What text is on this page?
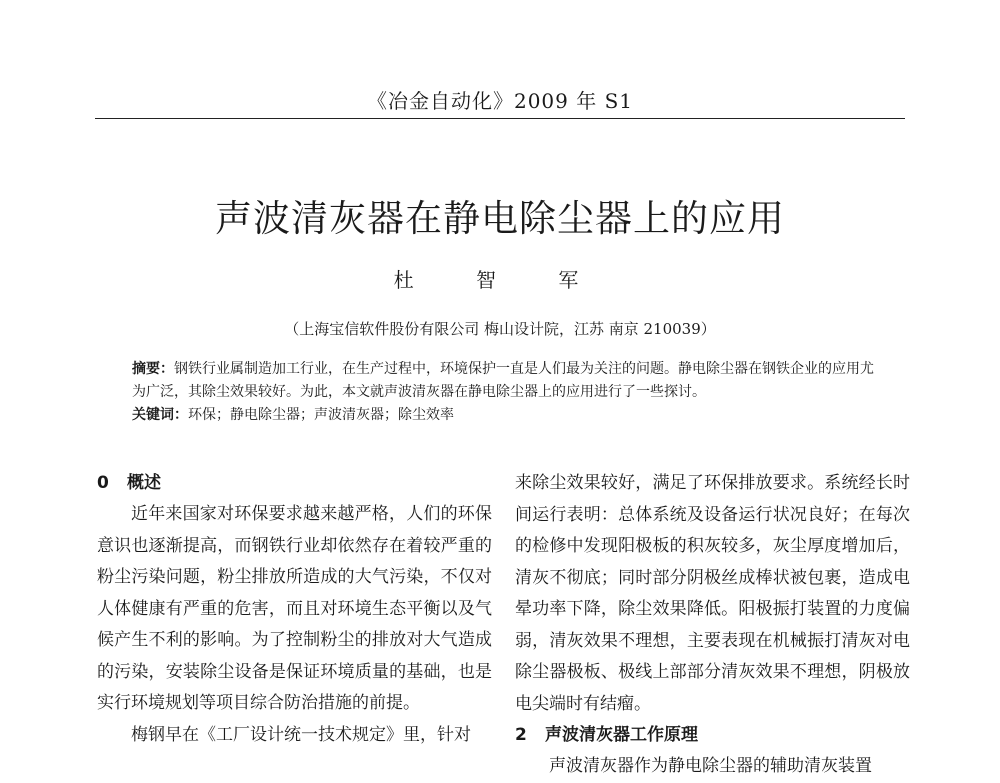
《冶金自动化》2009 年 S1
声波清灰器在静电除尘器上的应用
杜 智 军
（上海宝信软件股份有限公司 梅山设计院，江苏 南京 210039）
摘要：钢铁行业属制造加工行业，在生产过程中，环境保护一直是人们最为关注的问题。静电除尘器在钢铁企业的应用尤为广泛，其除尘效果较好。为此，本文就声波清灰器在静电除尘器上的应用进行了一些探讨。
关键词：环保；静电除尘器；声波清灰器；除尘效率
0 概述

近年来国家对环保要求越来越严格，人们的环保意识也逐渐提高，而钢铁行业却依然存在着较严重的粉尘污染问题，粉尘排放所造成的大气污染，不仅对人体健康有严重的危害，而且对环境生态平衡以及气候产生不利的影响。为了控制粉尘的排放对大气造成的污染，安装除尘设备是保证环境质量的基础，也是实行环境规划等项目综合防治措施的前提。

梅钢早在《工厂设计统一技术规定》里，针对

来除尘效果较好，满足了环保排放要求。系统经长时间运行表明：总体系统及设备运行状况良好；在每次的检修中发现阳极板的积灰较多，灰尘厚度增加后，清灰不彻底；同时部分阴极丝成棒状被包裹，造成电晕功率下降，除尘效果降低。阳极振打装置的力度偏弱，清灰效果不理想，主要表现在机械振打清灰对电除尘器极板、极线上部部分清灰效果不理想，阴极放电尖端时有结瘤。

2 声波清灰器工作原理

声波清灰器作为静电除尘器的辅助清灰装置
